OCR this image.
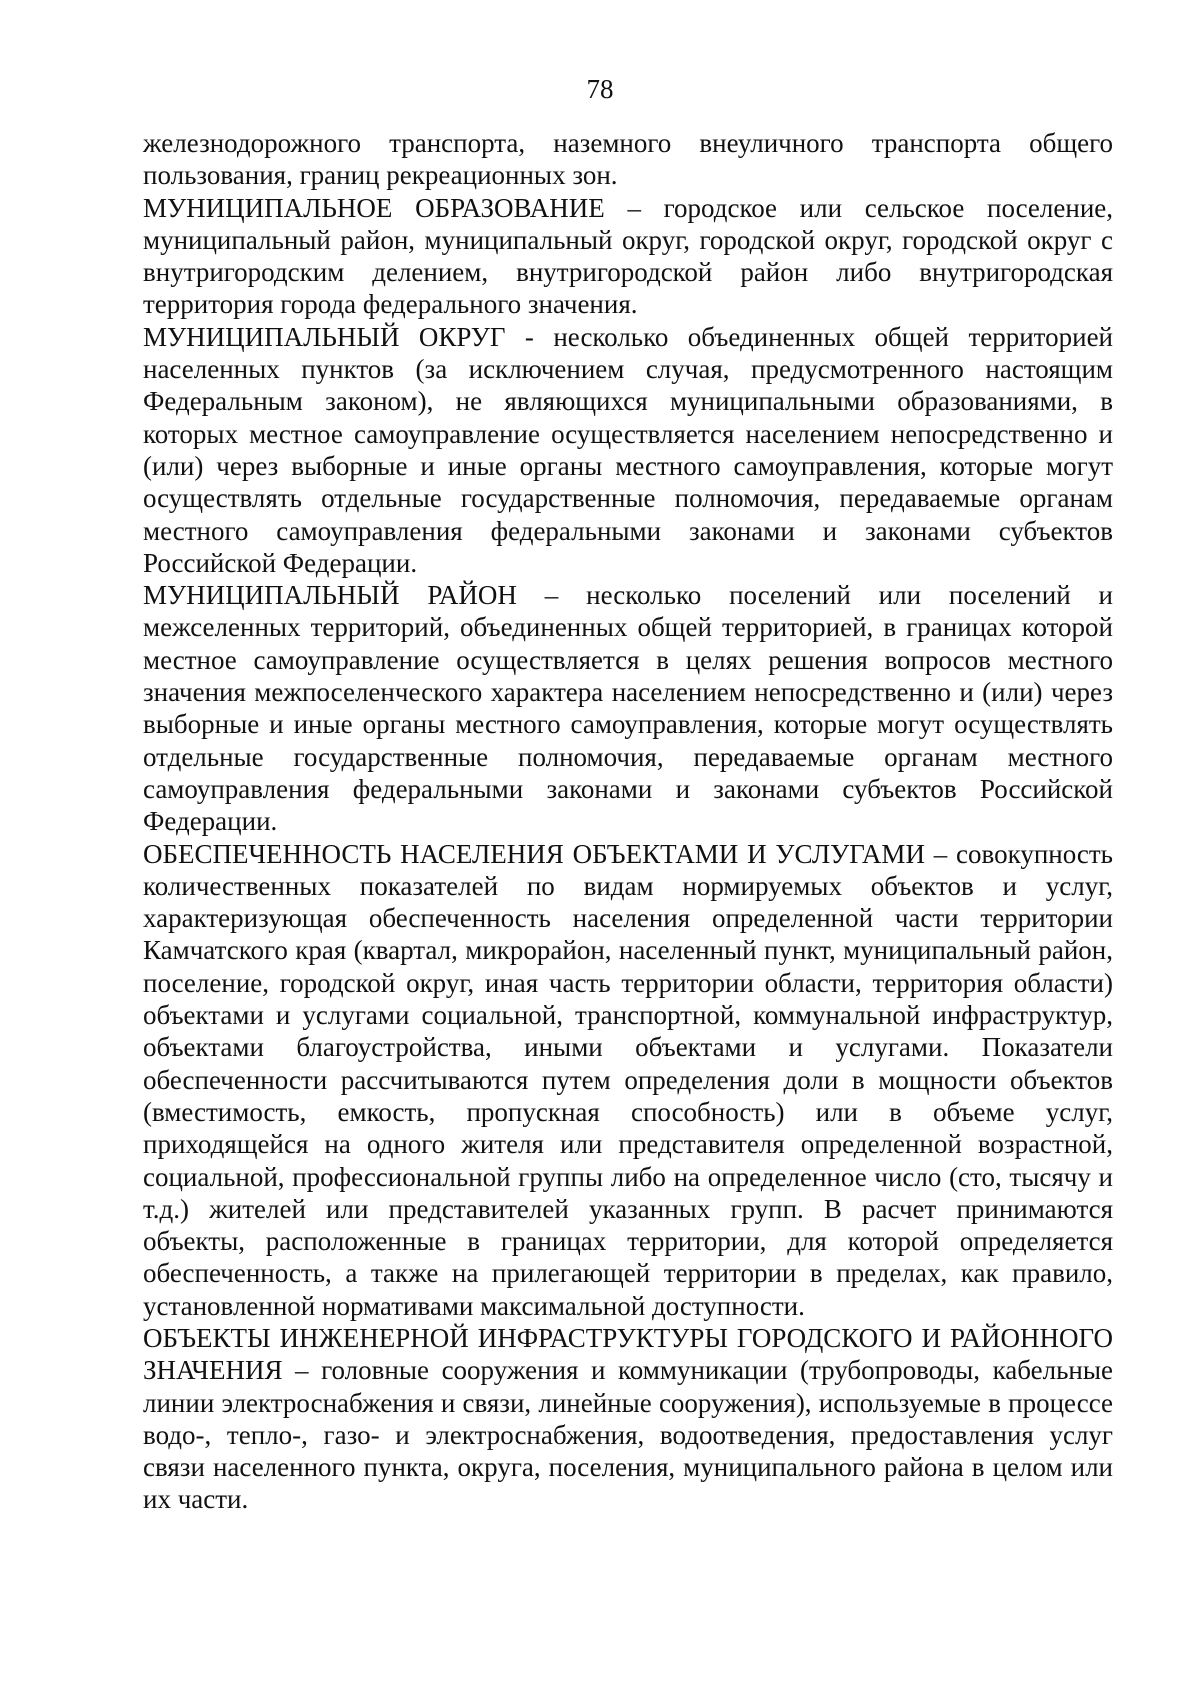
78

железнодорожного транспорта, наземного внеуличного транспорта общего пользования, границ рекреационных зон.

МУНИЦИПАЛЬНОЕ ОБРАЗОВАНИЕ – городское или сельское поселение, муниципальный район, муниципальный округ, городской округ, городской округ с внутригородским делением, внутригородской район либо внутригородская территория города федерального значения.

МУНИЦИПАЛЬНЫЙ ОКРУГ - несколько объединенных общей территорией населенных пунктов (за исключением случая, предусмотренного настоящим Федеральным законом), не являющихся муниципальными образованиями, в которых местное самоуправление осуществляется населением непосредственно и (или) через выборные и иные органы местного самоуправления, которые могут осуществлять отдельные государственные полномочия, передаваемые органам местного самоуправления федеральными законами и законами субъектов Российской Федерации.

МУНИЦИПАЛЬНЫЙ РАЙОН – несколько поселений или поселений и межселенных территорий, объединенных общей территорией, в границах которой местное самоуправление осуществляется в целях решения вопросов местного значения межпоселенческого характера населением непосредственно и (или) через выборные и иные органы местного самоуправления, которые могут осуществлять отдельные государственные полномочия, передаваемые органам местного самоуправления федеральными законами и законами субъектов Российской Федерации.

ОБЕСПЕЧЕННОСТЬ НАСЕЛЕНИЯ ОБЪЕКТАМИ И УСЛУГАМИ – совокупность количественных показателей по видам нормируемых объектов и услуг, характеризующая обеспеченность населения определенной части территории Камчатского края (квартал, микрорайон, населенный пункт, муниципальный район, поселение, городской округ, иная часть территории области, территория области) объектами и услугами социальной, транспортной, коммунальной инфраструктур, объектами благоустройства, иными объектами и услугами. Показатели обеспеченности рассчитываются путем определения доли в мощности объектов (вместимость, емкость, пропускная способность) или в объеме услуг, приходящейся на одного жителя или представителя определенной возрастной, социальной, профессиональной группы либо на определенное число (сто, тысячу и т.д.) жителей или представителей указанных групп. В расчет принимаются объекты, расположенные в границах территории, для которой определяется обеспеченность, а также на прилегающей территории в пределах, как правило, установленной нормативами максимальной доступности.

ОБЪЕКТЫ ИНЖЕНЕРНОЙ ИНФРАСТРУКТУРЫ ГОРОДСКОГО И РАЙОННОГО ЗНАЧЕНИЯ – головные сооружения и коммуникации (трубопроводы, кабельные линии электроснабжения и связи, линейные сооружения), используемые в процессе водо-, тепло-, газо- и электроснабжения, водоотведения, предоставления услуг связи населенного пункта, округа, поселения, муниципального района в целом или их части.
